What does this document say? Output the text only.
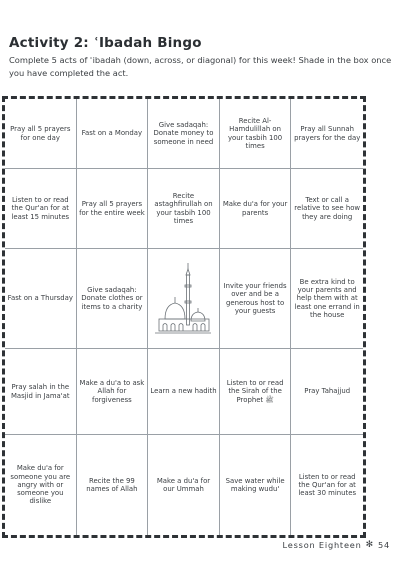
Activity 2: ʿIbadah Bingo
Complete 5 acts of ʿibadah (down, across, or diagonal) for this week! Shade in the box once you have completed the act.
Pray all 5 prayers for one day
Fast on a Monday
Give sadaqah: Donate money to someone in need
Recite Al-Hamdulillah on your tasbih 100 times
Pray all Sunnah prayers for the day
Listen to or read the Qur'an for at least 15 minutes
Pray all 5 prayers for the entire week
Recite astaghfirullah on your tasbih 100 times
Make du'a for your parents
Text or call a relative to see how they are doing
Fast on a Thursday
Give sadaqah: Donate clothes or items to a charity
Invite your friends over and be a generous host to your guests
Be extra kind to your parents and help them with at least one errand in the house
Pray salah in the Masjid in Jama'at
Make a du'a to ask Allah for forgiveness
Learn a new hadith
Listen to or read the Sirah of the Prophet ﷺ
Pray Tahajjud
Make du'a for someone you are angry with or someone you dislike
Recite the 99 names of Allah
Make a du'a for our Ummah
Save water while making wudu'
Listen to or read the Qur'an for at least 30 minutes
Lesson Eighteen ✻ 54
